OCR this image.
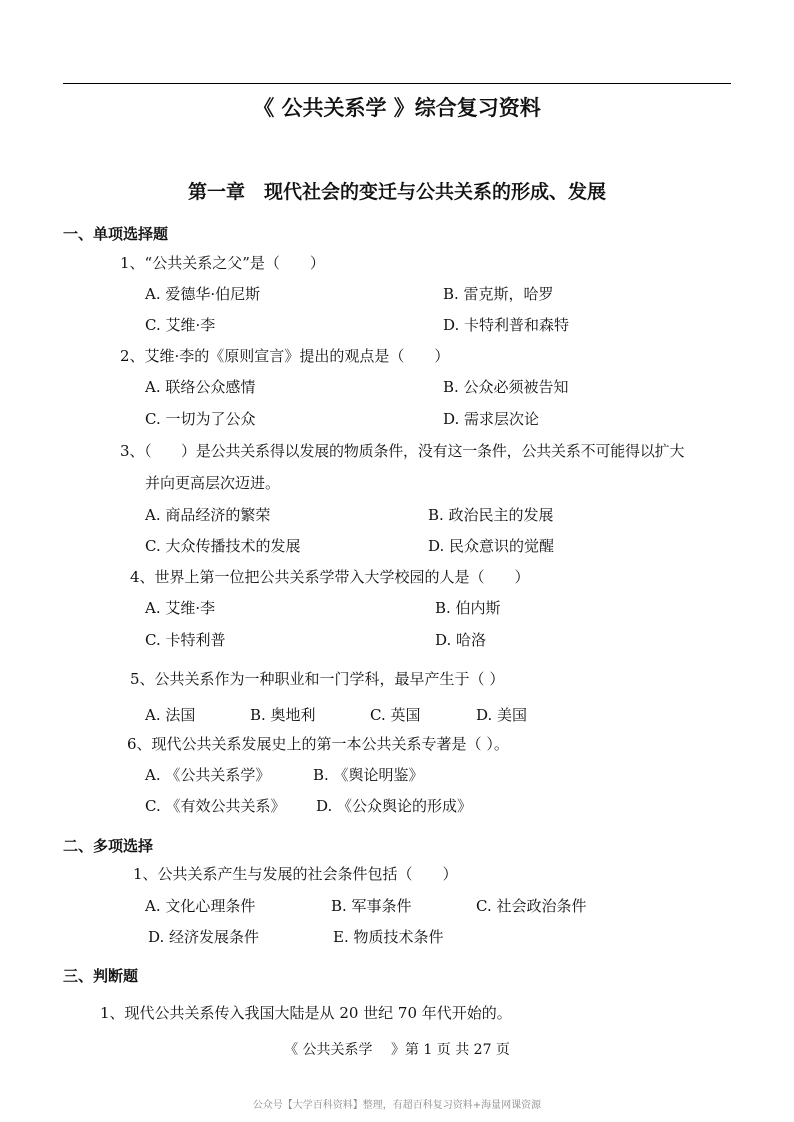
《 公共关系学 》综合复习资料
第一章　现代社会的变迁与公共关系的形成、发展
一、单项选择题
1、“公共关系之父”是（　　）
A. 爱德华·伯尼斯	B. 雷克斯，哈罗
C. 艾维·李	D. 卡特利普和森特
2、艾维·李的《原则宣言》提出的观点是（　　）
A. 联络公众感情	B. 公众必须被告知
C. 一切为了公众	D. 需求层次论
3、（　　）是公共关系得以发展的物质条件，没有这一条件，公共关系不可能得以扩大
并向更高层次迈进。
A. 商品经济的繁荣	B. 政治民主的发展
C. 大众传播技术的发展	D. 民众意识的觉醒
4、世界上第一位把公共关系学带入大学校园的人是（　　）
A. 艾维·李	B. 伯内斯
C. 卡特利普	D. 哈洛
5、公共关系作为一种职业和一门学科，最早产生于（ ）
A. 法国	B. 奥地利	C. 英国	D. 美国
6、现代公共关系发展史上的第一本公共关系专著是（ ）。
A. 《公共关系学》	B. 《舆论明鉴》
C. 《有效公共关系》 D. 《公众舆论的形成》
二、多项选择
1、公共关系产生与发展的社会条件包括（　　）
A. 文化心理条件	B. 军事条件	C. 社会政治条件
D. 经济发展条件	E. 物质技术条件
三、判断题
1、现代公共关系传入我国大陆是从 20 世纪 70 年代开始的。
《 公共关系学 　》第 1 页 共 27 页
公众号【大学百科资料】整理，有超百科复习资料+海量网课资源
